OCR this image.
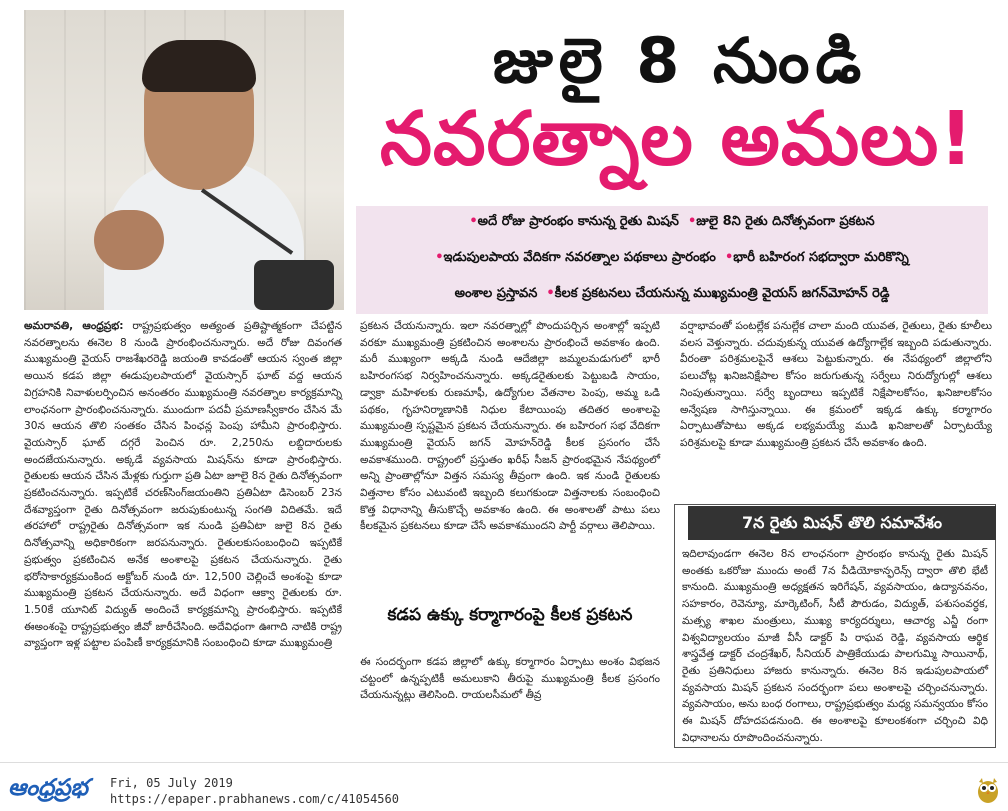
జులై 8 నుండి
నవరత్నాల అమలు!
•అదే రోజు ప్రారంభం కానున్న రైతు మిషన్  •జులై 8ని రైతు దినోత్సవంగా ప్రకటన
•ఇడుపులపాయ వేదికగా నవరత్నాల పథకాలు ప్రారంభం  •భారీ బహిరంగ సభద్వారా మరికొన్ని
అంశాల ప్రస్తావన  •కీలక ప్రకటనలు చేయనున్న ముఖ్యమంత్రి వైయస్ జగన్‌మోహన్ రెడ్డి

అమరావతి, ఆంధ్రప్రభ: రాష్ట్రప్రభుత్వం అత్యంత ప్రతిష్టాత్మకంగా చేపట్టిన నవరత్నాలను ఈనెల 8 నుండి ప్రారంభించనున్నారు. అదే రోజు దివంగత ముఖ్యమంత్రి వైయస్ రాజశేఖరరెడ్డి జయంతి కావడంతో ఆయన స్వంత జిల్లా అయిన కడప జిల్లా ఈడుపులపాయలో వైయస్సార్ ఘాట్ వద్ద ఆయన విగ్రహనికి నివాళులర్పించిన అనంతరం ముఖ్యమంత్రి నవరత్నాల కార్యక్రమాన్ని లాంఛనంగా ప్రారంభించనున్నారు. ముందుగా పదవీ ప్రమాణస్వీకారం చేసిన మే 30న ఆయన తొలి సంతకం చేసిన పింఛన్ల పెంపు హామీని ప్రారంభిస్తారు. వైయస్సార్ ఘాట్ దగ్గరే పెంచిన రూ. 2,250ను లబ్దిదారులకు అందజేయనున్నారు. అక్కడే వ్యవసాయ మిషన్‌ను కూడా ప్రారంభిస్తారు. రైతులకు ఆయన చేసిన మేళ్లకు గుర్తుగా ప్రతి ఏటా జూలై 8న రైతు దినోత్సవంగా ప్రకటించనున్నారు. ఇప్పటికే చరణ్‌సింగ్‌జయంతిని ప్రతిఏటా డిసెంబర్ 23న దేశవ్యాప్తంగా రైతు దినోత్సవంగా జరుపుకుంటున్న సంగతి విదితమే. ఇదే తరహాలో రాష్ట్రరైతు దినోత్సవంగా ఇక నుండి ప్రతిఏటా జులై 8న రైతు దినోత్సవాన్ని అధికారికంగా జరపనున్నారు. రైతులకుసంబంధించి ఇప్పటికే ప్రభుత్వం ప్రకటించిన అనేక అంశాలపై ప్రకటన చేయనున్నారు. రైతు భరోసాకార్యక్రమంకింద అక్టోబర్ నుండి రూ. 12,500 చెల్లించే అంశంపై కూడా ముఖ్యమంత్రి ప్రకటన చేయనున్నారు. అదే విధంగా ఆక్వా రైతులకు రూ. 1.50కే యూనిట్ విద్యుత్ అందించే కార్యక్రమాన్ని ప్రారంభిస్తారు. ఇప్పటికే ఈఅంశంపై రాష్ట్రప్రభుత్వం జీవో జారీచేసింది. అదేవిధంగా ఊగాది నాటికి రాష్ట్ర వ్యాప్తంగా ఇళ్ల పట్టాల పంపిణీ కార్యక్రమానికి సంబంధించి కూడా ముఖ్యమంత్రి

ప్రకటన చేయనున్నారు. ఇలా నవరత్నాల్లో పొందుపర్చిన అంశాల్లో ఇప్పటి వరకూ ముఖ్యమంత్రి ప్రకటించిన అంశాలను ప్రారంభించే అవకాశం ఉంది. మరీ ముఖ్యంగా అక్కడి నుండి ఆదేజిల్లా జమ్మలమడుగులో భారీ బహిరంగసభ నిర్వహించనున్నారు. అక్కడరైతులకు పెట్టుబడి సాయం, డ్వాక్రా మహిళలకు రుణమాఫీ, ఉద్యోగుల వేతనాల పెంపు, అమ్మ ఒడి పథకం, గృహనిర్మాణానికి నిధుల కేటాయింపు తదితర అంశాలపై ముఖ్యమంత్రి స్పష్టమైన ప్రకటన చేయనున్నారు. ఈ బహిరంగ సభ వేదికగా ముఖ్యమంత్రి వైయస్ జగన్ మోహన్‌రెడ్డి కీలక ప్రసంగం చేసే అవకాశముంది. రాష్ట్రంలో ప్రస్తుతం ఖరీఫ్ సీజన్ ప్రారంభమైన నేపథ్యంలో అన్ని ప్రాంతాల్లోనూ విత్తన సమస్య తీవ్రంగా ఉంది. ఇక నుండి రైతులకు విత్తనాల కోసం ఎటువంటి ఇబ్బంది కలుగకుండా విత్తనాలకు సంబంధించి కొత్త విధానాన్ని తీసుకొచ్చే అవకాశం ఉంది. ఈ అంశాలతో పాటు పలు కీలకమైన ప్రకటనలు కూడా చేసే అవకాశముందని పార్టీ వర్గాలు తెలిపాయి.

కడప ఉక్కు కర్మాగారంపై కీలక ప్రకటన

ఈ సందర్భంగా కడప జిల్లాలో ఉక్కు కర్మాగారం ఏర్పాటు అంశం విభజన చట్టంలో ఉన్నప్పటికీ అమలుకాని తీరుపై ముఖ్యమంత్రి కీలక ప్రసంగం చేయనున్నట్లు తెలిసింది. రాయలసీమలో తీవ్ర

వర్షాభావంతో పంటల్లేక పనుల్లేక చాలా మంది యువత, రైతులు, రైతు కూలీలు వలస వెళ్తున్నారు. చదువుకున్న యువత ఉద్యోగాల్లేక ఇబ్బంది పడుతున్నారు. వీరంతా పరిశ్రమలపైనే ఆశలు పెట్టుకున్నారు. ఈ నేపథ్యంలో జిల్లాలోని పలుచోట్ల ఖనిజనిక్షేపాల కోసం జరుగుతున్న సర్వేలు నిరుద్యోగుల్లో ఆశలు నింపుతున్నాయి. సర్వే బృందాలు ఇప్పటికే నిక్షేపాలకోసం, ఖనిజాలకోసం అన్వేషణ సాగిస్తున్నాయి. ఈ క్రమంలో ఇక్కడ ఉక్కు కర్మాగారం ఏర్పాటుతోపాటు అక్కడ లభ్యమయ్యే ముడి ఖనిజాలతో ఏర్పాటయ్యే పరిశ్రమలపై కూడా ముఖ్యమంత్రి ప్రకటన చేసే అవకాశం ఉంది.

7న రైతు మిషన్ తొలి సమావేశం

ఇదిలావుండగా ఈనెల 8న లాంఛనంగా ప్రారంభం కానున్న రైతు మిషన్ అంతకు ఒకరోజు ముందు అంటే 7న వీడియోకాన్ఫరెన్స్ ద్వారా తొలి భేటీ కానుంది. ముఖ్యమంత్రి అధ్యక్షతన ఇరిగేషన్, వ్యవసాయం, ఉద్యానవనం, సహకారం, రెవెన్యూ, మార్కెటింగ్, సీటీ పౌరుడం, విద్యుత్, పశుసంవర్ధక, మత్స్య శాఖల మంత్రులు, ముఖ్య కార్యదర్శులు, ఆచార్య ఎన్జీ రంగా విశ్వవిద్యాలయం మాజీ వీసీ డాక్టర్ పి రాఘవ రెడ్డి, వ్యవసాయ ఆర్థిక శాస్త్రవేత్త డాక్టర్ చంద్రశేఖర్, సీనియర్ పాత్రికేయుడు పాలగుమ్మి సాయినాథ్, రైతు ప్రతినిధులు హాజరు కానున్నారు. ఈనెల 8న ఇడుపులపాయలో వ్యవసాయ మిషన్ ప్రకటన సందర్భంగా పలు అంశాలపై చర్చించనున్నారు. వ్యవసాయం, అను బంధ రంగాలు, రాష్ట్రప్రభుత్వం మధ్య సమన్వయం కోసం ఈ మిషన్ దోహదపడనుంది. ఈ అంశాలపై కూలంకశంగా చర్చించి విధి విధానాలను రూపొందించనున్నారు.

ఆంధ్రప్రభ Fri, 05 July 2019
https://epaper.prabhanews.com/c/41054560
